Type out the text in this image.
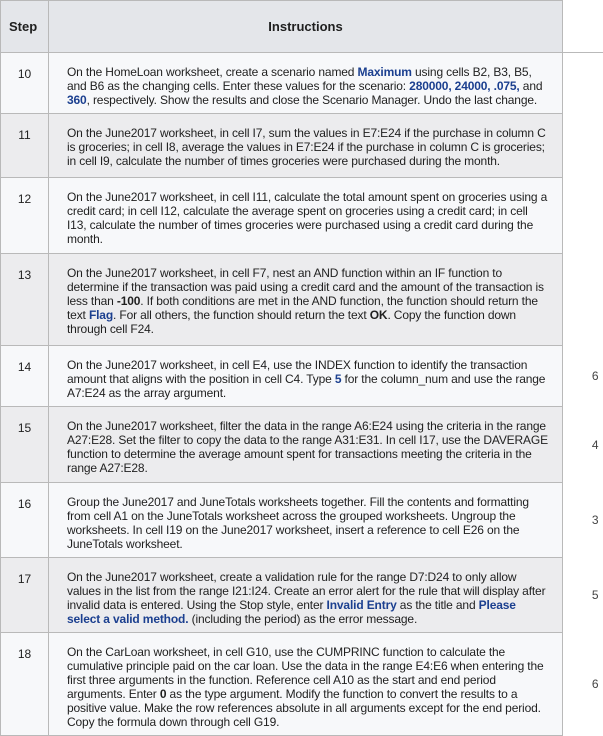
Step	Instructions	
10	On the HomeLoan worksheet, create a scenario named Maximum using cells B2, B3, B5, and B6 as the changing cells. Enter these values for the scenario: 280000, 24000, .075, and 360, respectively. Show the results and close the Scenario Manager. Undo the last change.	
11	On the June2017 worksheet, in cell I7, sum the values in E7:E24 if the purchase in column C is groceries; in cell I8, average the values in E7:E24 if the purchase in column C is groceries; in cell I9, calculate the number of times groceries were purchased during the month.	
12	On the June2017 worksheet, in cell I11, calculate the total amount spent on groceries using a credit card; in cell I12, calculate the average spent on groceries using a credit card; in cell I13, calculate the number of times groceries were purchased using a credit card during the month.	
13	On the June2017 worksheet, in cell F7, nest an AND function within an IF function to determine if the transaction was paid using a credit card and the amount of the transaction is less than -100. If both conditions are met in the AND function, the function should return the text Flag. For all others, the function should return the text OK. Copy the function down through cell F24.	
14	On the June2017 worksheet, in cell E4, use the INDEX function to identify the transaction amount that aligns with the position in cell C4. Type 5 for the column_num and use the range A7:E24 as the array argument.	6
15	On the June2017 worksheet, filter the data in the range A6:E24 using the criteria in the range A27:E28. Set the filter to copy the data to the range A31:E31. In cell I17, use the DAVERAGE function to determine the average amount spent for transactions meeting the criteria in the range A27:E28.	4
16	Group the June2017 and JuneTotals worksheets together. Fill the contents and formatting from cell A1 on the JuneTotals worksheet across the grouped worksheets. Ungroup the worksheets. In cell I19 on the June2017 worksheet, insert a reference to cell E26 on the JuneTotals worksheet.	3
17	On the June2017 worksheet, create a validation rule for the range D7:D24 to only allow values in the list from the range I21:I24. Create an error alert for the rule that will display after invalid data is entered. Using the Stop style, enter Invalid Entry as the title and Please select a valid method. (including the period) as the error message.	5
18	On the CarLoan worksheet, in cell G10, use the CUMPRINC function to calculate the cumulative principle paid on the car loan. Use the data in the range E4:E6 when entering the first three arguments in the function. Reference cell A10 as the start and end period arguments. Enter 0 as the type argument. Modify the function to convert the results to a positive value. Make the row references absolute in all arguments except for the end period. Copy the formula down through cell G19.	6
